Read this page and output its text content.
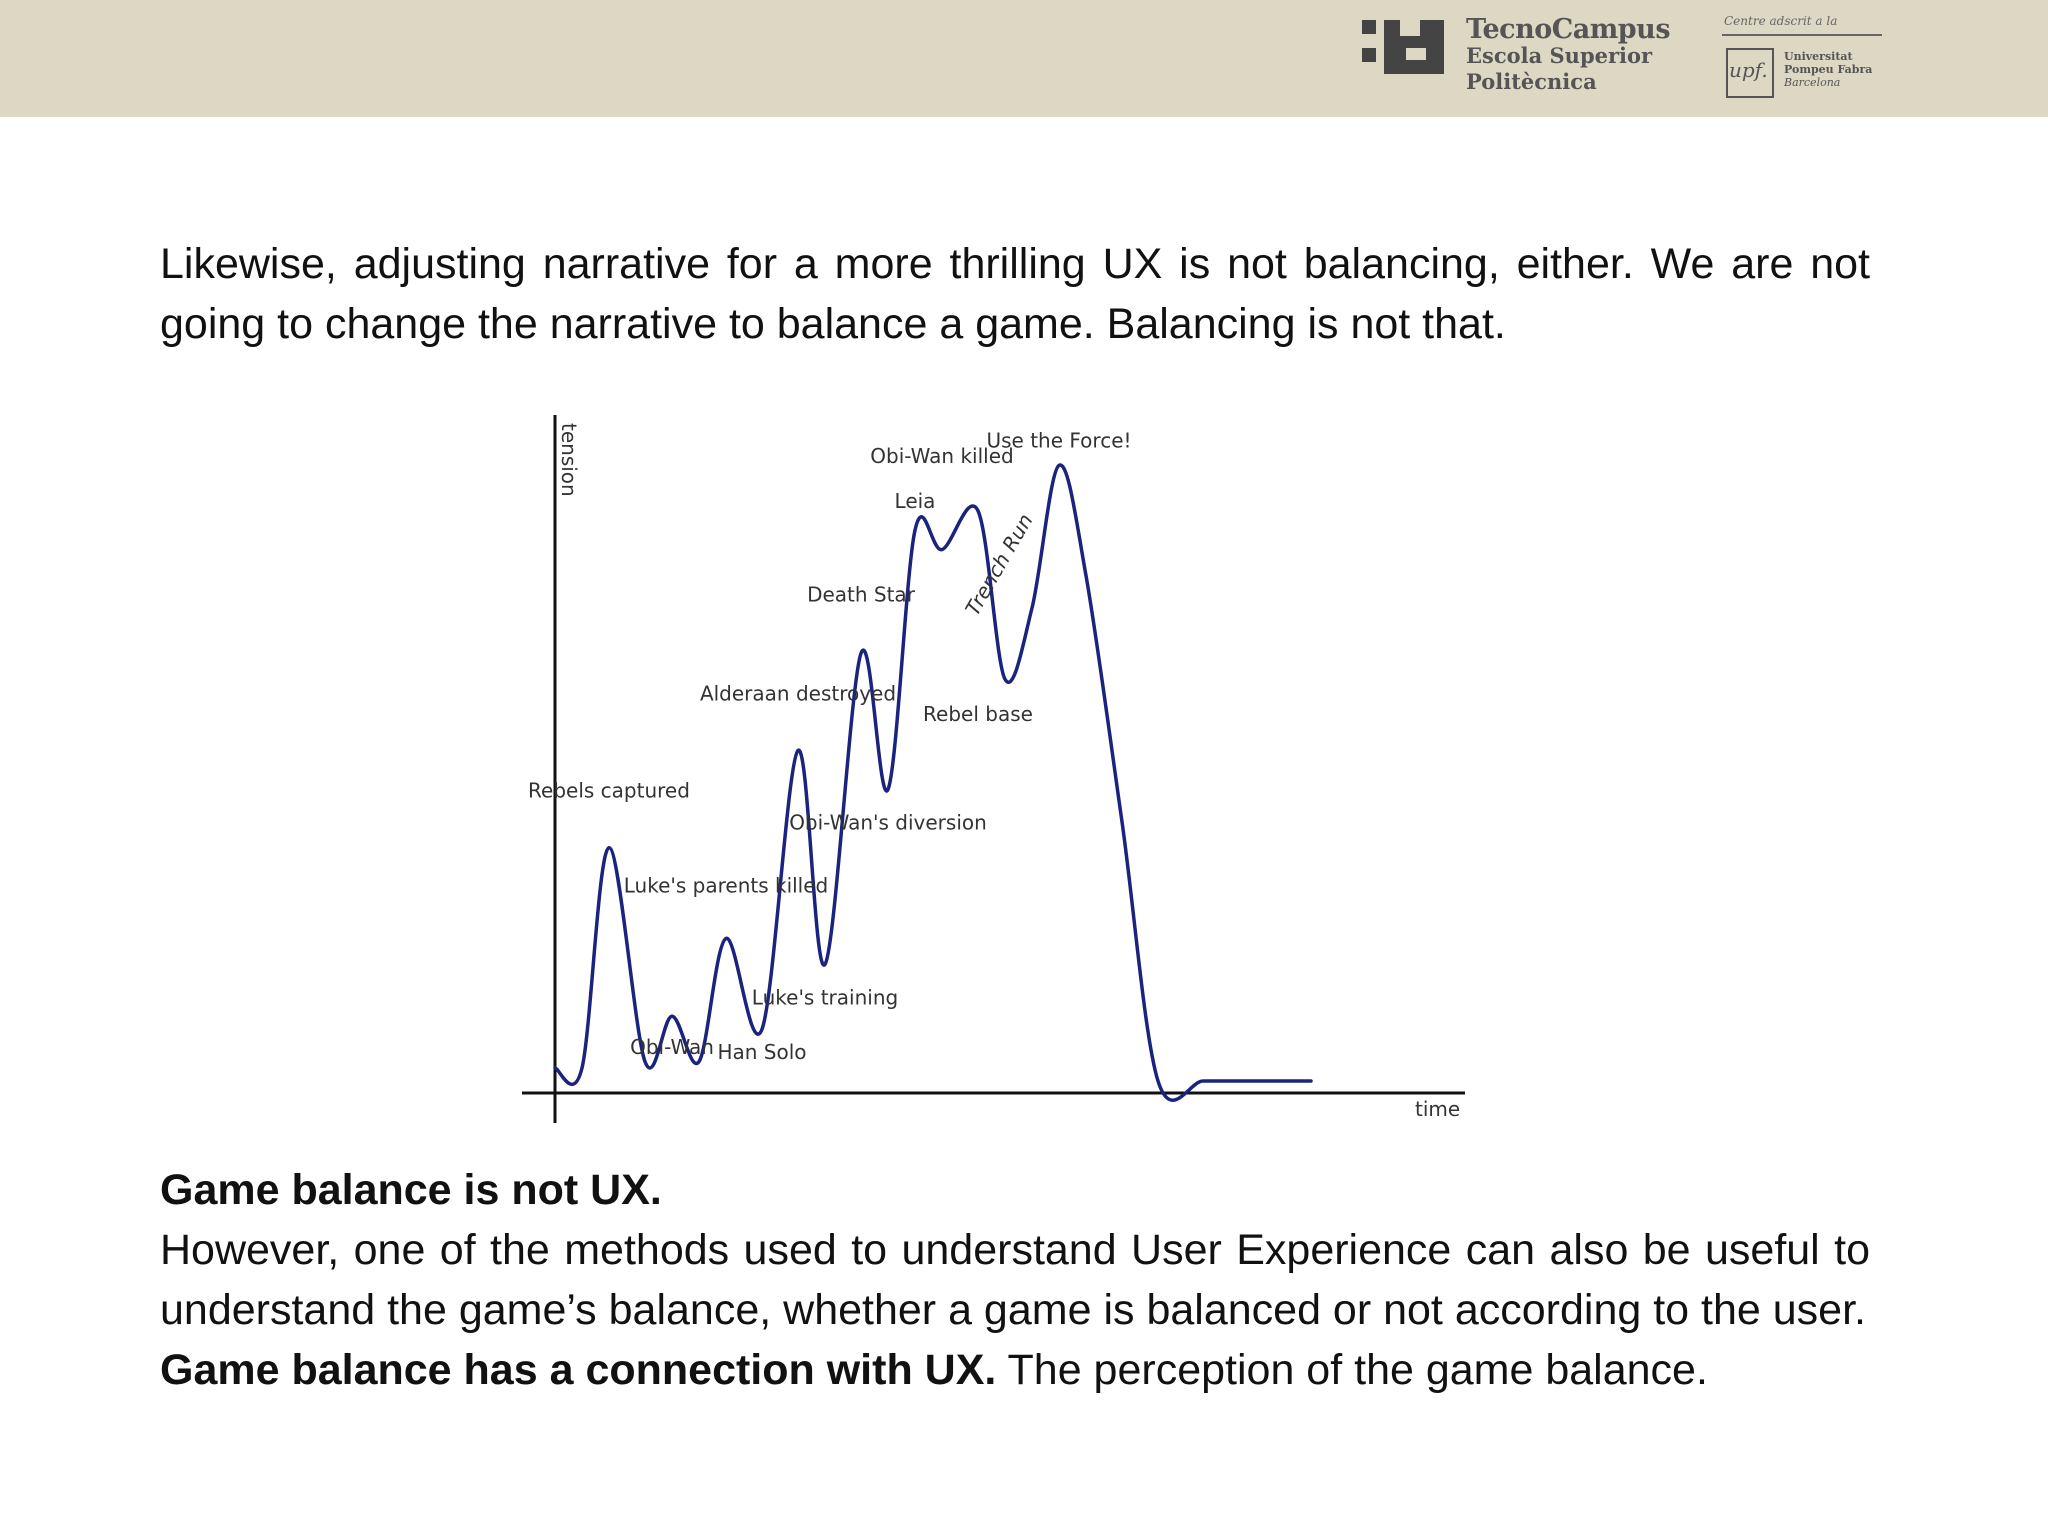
TecnoCampus
Escola Superior
Politècnica
Centre adscrit a la
upf.
Universitat
Pompeu Fabra
Barcelona
Likewise, adjusting narrative for a more thrilling UX is not balancing, either. We are not going to change the narrative to balance a game. Balancing is not that.
tension
time
Rebels captured
Obi-Wan
Luke's parents killed
Han Solo
Alderaan destroyed
Luke's training
Death Star
Obi-Wan's diversion
Leia
Obi-Wan killed
Rebel base
Trench Run
Use the Force!
Game balance is not UX.
However, one of the methods used to understand User Experience can also be useful to understand the game’s balance, whether a game is balanced or not according to the user.
Game balance has a connection with UX. The perception of the game balance.
